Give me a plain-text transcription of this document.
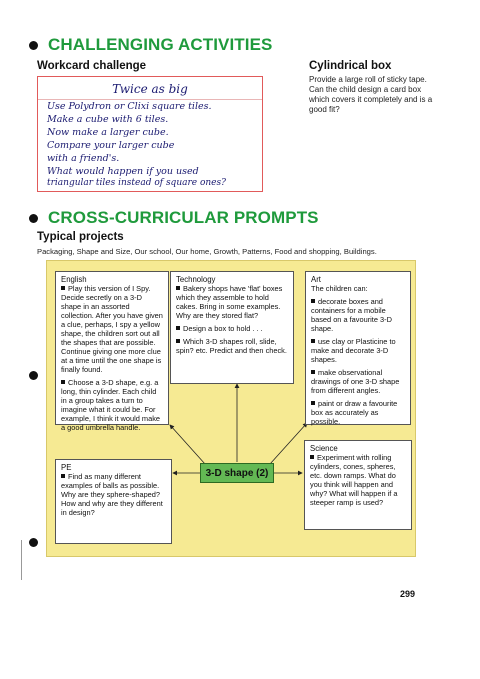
CHALLENGING ACTIVITIES
Workcard challenge
Twice as big
Use Polydron or Clixi square tiles.
Make a cube with 6 tiles.
Now make a larger cube.
Compare your larger cube
with a friend's.
What would happen if you used
triangular tiles instead of square ones?
Cylindrical box
Provide a large roll of sticky tape. Can the child design a card box which covers it completely and is a good fit?
CROSS-CURRICULAR PROMPTS
Typical projects
Packaging, Shape and Size, Our school, Our home, Growth, Patterns, Food and shopping, Buildings.
English

Play this version of I Spy. Decide secretly on a 3-D shape in an assorted collection. After you have given a clue, perhaps, I spy a yellow shape, the children sort out all the shapes that are possible. Continue giving one more clue at a time until the one shape is finally found.

Choose a 3-D shape, e.g. a long, thin cylinder. Each child in a group takes a turn to imagine what it could be. For example, I think it would make a good umbrella handle.

Technology

Bakery shops have 'flat' boxes which they assemble to hold cakes. Bring in some examples. Why are they stored flat?

Design a box to hold . . .

Which 3-D shapes roll, slide, spin? etc. Predict and then check.

Art

The children can:

decorate boxes and containers for a mobile based on a favourite 3-D shape.

use clay or Plasticine to make and decorate 3-D shapes.

make observational drawings of one 3-D shape from different angles.

paint or draw a favourite box as accurately as possible.

3-D shape (2)
PE

Find as many different examples of balls as possible. Why are they sphere-shaped? How and why are they different in design?

Science

Experiment with rolling cylinders, cones, spheres, etc. down ramps. What do you think will happen and why? What will happen if a steeper ramp is used?

299
